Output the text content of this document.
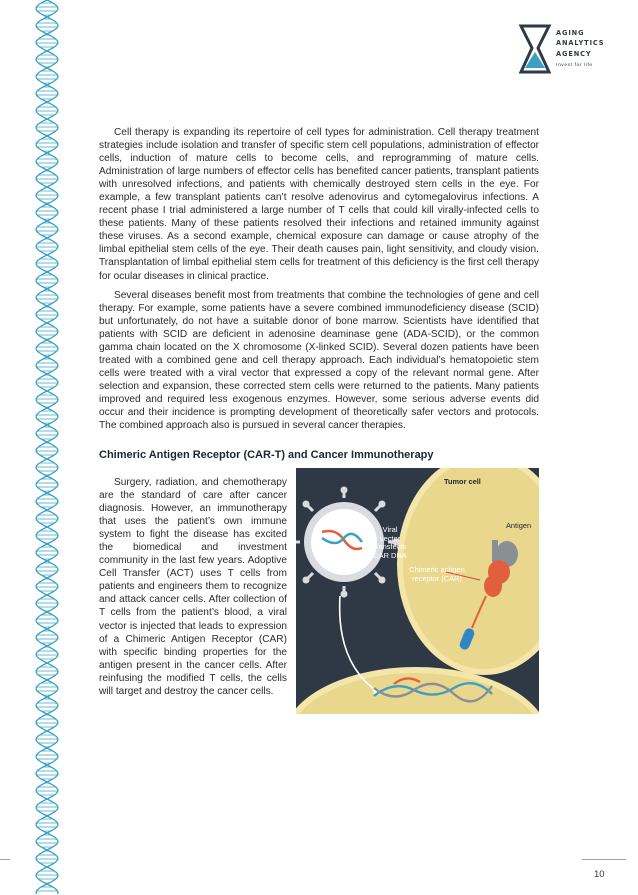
AGING
ANALYTICS
AGENCY
Invest for life

Cell therapy is expanding its repertoire of cell types for administration. Cell therapy treatment strategies include isolation and transfer of specific stem cell populations, administration of effector cells, induction of mature cells to become cells, and reprogramming of mature cells. Administration of large numbers of effector cells has benefited cancer patients, transplant patients with unresolved infections, and patients with chemically destroyed stem cells in the eye. For example, a few transplant patients can’t resolve adenovirus and cytomegalovirus infections. A recent phase I trial administered a large number of T cells that could kill virally-infected cells to these patients. Many of these patients resolved their infections and retained immunity against these viruses. As a second example, chemical exposure can damage or cause atrophy of the limbal epithelial stem cells of the eye. Their death causes pain, light sensitivity, and cloudy vision. Transplantation of limbal epithelial stem cells for treatment of this deficiency is the first cell therapy for ocular diseases in clinical practice.

Several diseases benefit most from treatments that combine the technologies of gene and cell therapy. For example, some patients have a severe combined immunodeficiency disease (SCID) but unfortunately, do not have a suitable donor of bone marrow. Scientists have identified that patients with SCID are deficient in adenosine deaminase gene (ADA-SCID), or the common gamma chain located on the X chromosome (X-linked SCID). Several dozen patients have been treated with a combined gene and cell therapy approach. Each individual’s hematopoietic stem cells were treated with a viral vector that expressed a copy of the relevant normal gene. After selection and expansion, these corrected stem cells were returned to the patients. Many patients improved and required less exogenous enzymes. However, some serious adverse events did occur and their incidence is prompting development of theoretically safer vectors and protocols. The combined approach also is pursued in several cancer therapies.

Chimeric Antigen Receptor (CAR-T) and Cancer Immunotherapy

Surgery, radiation, and chemotherapy are the standard of care after cancer diagnosis. However, an immunotherapy that uses the patient’s own immune system to fight the disease has excited the biomedical and investment community in the last few years. Adoptive Cell Transfer (ACT) uses T cells from patients and engineers them to recognize and attack cancer cells. After collection of T cells from the patient’s blood, a viral vector is injected that leads to expression of a Chimeric Antigen Receptor (CAR) with specific binding properties for the antigen present in the cancer cells. After reinfusing the modified T cells, the cells will target and destroy the cancer cells.

Tumor cell
Antigen
Viral
vector
transfects
CAR DNA
Chimeric antigen
receptor (CAR)
10
